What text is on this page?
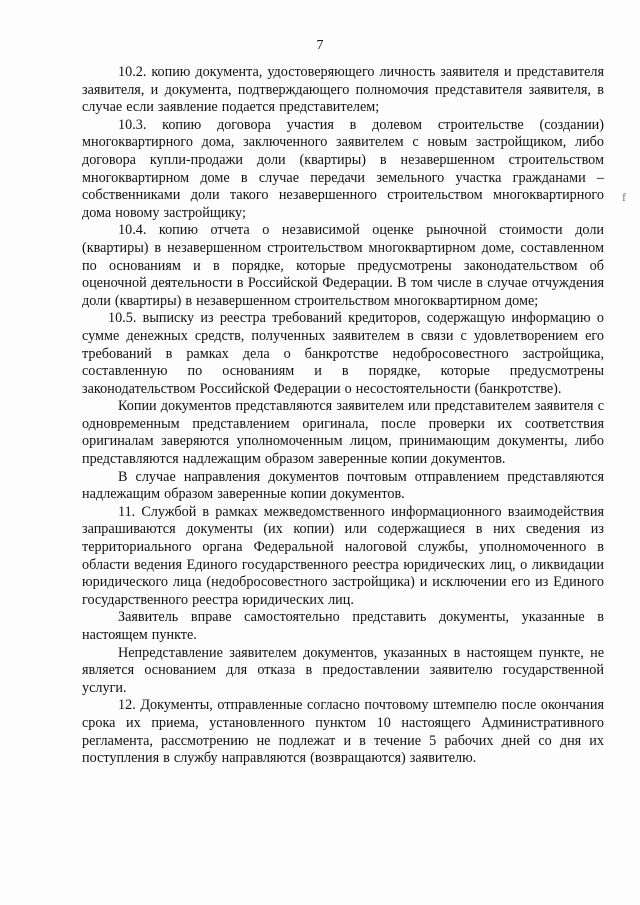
7

10.2. копию документа, удостоверяющего личность заявителя и представителя заявителя, и документа, подтверждающего полномочия представителя заявителя, в случае если заявление подается представителем;

10.3. копию договора участия в долевом строительстве (создании) многоквартирного дома, заключенного заявителем с новым застройщиком, либо договора купли-продажи доли (квартиры) в незавершенном строительством многоквартирном доме в случае передачи земельного участка гражданами – собственниками доли такого незавершенного строительством многоквартирного дома новому застройщику;

10.4. копию отчета о независимой оценке рыночной стоимости доли (квартиры) в незавершенном строительством многоквартирном доме, составленном по основаниям и в порядке, которые предусмотрены законодательством об оценочной деятельности в Российской Федерации. В том числе в случае отчуждения доли (квартиры) в незавершенном строительством многоквартирном доме;

10.5. выписку из реестра требований кредиторов, содержащую информацию о сумме денежных средств, полученных заявителем в связи с удовлетворением его требований в рамках дела о банкротстве недобросовестного застройщика, составленную по основаниям и в порядке, которые предусмотрены законодательством Российской Федерации о несостоятельности (банкротстве).

Копии документов представляются заявителем или представителем заявителя с одновременным представлением оригинала, после проверки их соответствия оригиналам заверяются уполномоченным лицом, принимающим документы, либо представляются надлежащим образом заверенные копии документов.

В случае направления документов почтовым отправлением представляются надлежащим образом заверенные копии документов.

11. Службой в рамках межведомственного информационного взаимодействия запрашиваются документы (их копии) или содержащиеся в них сведения из территориального органа Федеральной налоговой службы, уполномоченного в области ведения Единого государственного реестра юридических лиц, о ликвидации юридического лица (недобросовестного застройщика) и исключении его из Единого государственного реестра юридических лиц.

Заявитель вправе самостоятельно представить документы, указанные в настоящем пункте.

Непредставление заявителем документов, указанных в настоящем пункте, не является основанием для отказа в предоставлении заявителю государственной услуги.

12. Документы, отправленные согласно почтовому штемпелю после окончания срока их приема, установленного пунктом 10 настоящего Административного регламента, рассмотрению не подлежат и в течение 5 рабочих дней со дня их поступления в службу направляются (возвращаются) заявителю.

f
